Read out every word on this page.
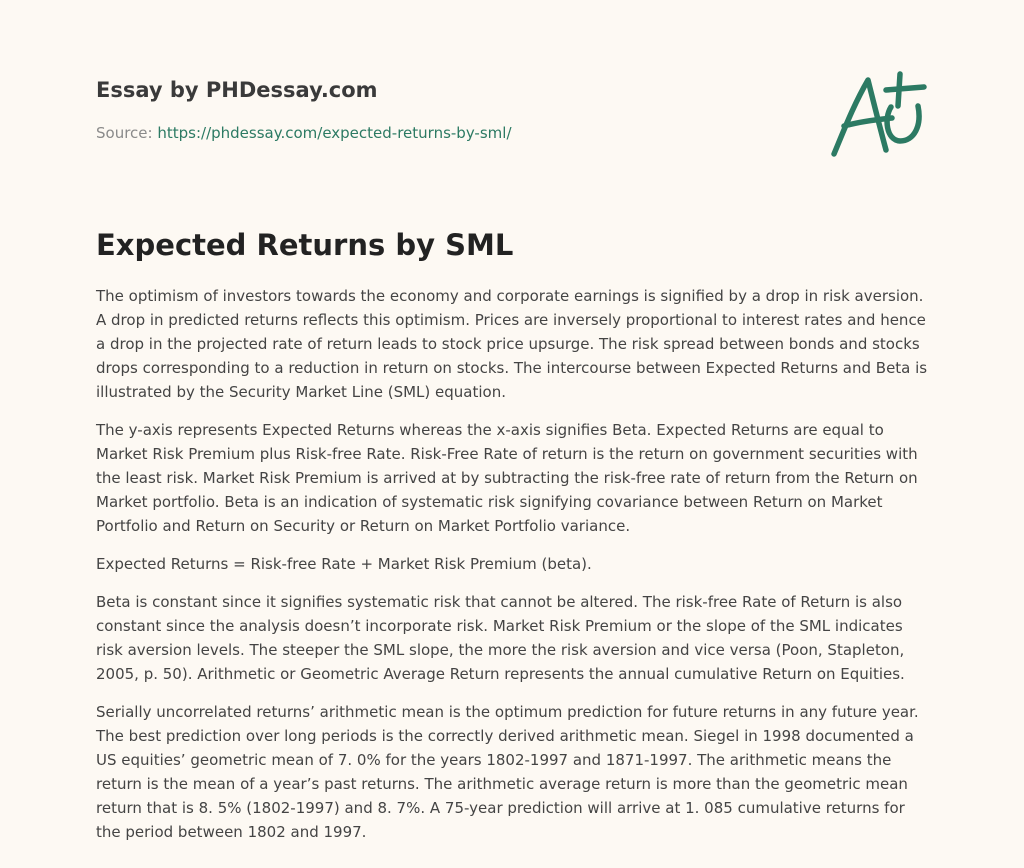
Essay by PHDessay.com
Source: https://phdessay.com/expected-returns-by-sml/
Expected Returns by SML

The optimism of investors towards the economy and corporate earnings is signified by a drop in risk aversion. A drop in predicted returns reflects this optimism. Prices are inversely proportional to interest rates and hence a drop in the projected rate of return leads to stock price upsurge. The risk spread between bonds and stocks drops corresponding to a reduction in return on stocks. The intercourse between Expected Returns and Beta is illustrated by the Security Market Line (SML) equation.

The y-axis represents Expected Returns whereas the x-axis signifies Beta. Expected Returns are equal to Market Risk Premium plus Risk-free Rate. Risk-Free Rate of return is the return on government securities with the least risk. Market Risk Premium is arrived at by subtracting the risk-free rate of return from the Return on Market portfolio. Beta is an indication of systematic risk signifying covariance between Return on Market Portfolio and Return on Security or Return on Market Portfolio variance.

Expected Returns = Risk-free Rate + Market Risk Premium (beta).

Beta is constant since it signifies systematic risk that cannot be altered. The risk-free Rate of Return is also constant since the analysis doesn’t incorporate risk. Market Risk Premium or the slope of the SML indicates risk aversion levels. The steeper the SML slope, the more the risk aversion and vice versa (Poon, Stapleton, 2005, p. 50). Arithmetic or Geometric Average Return represents the annual cumulative Return on Equities.

Serially uncorrelated returns’ arithmetic mean is the optimum prediction for future returns in any future year. The best prediction over long periods is the correctly derived arithmetic mean. Siegel in 1998 documented a US equities’ geometric mean of 7. 0% for the years 1802-1997 and 1871-1997. The arithmetic means the return is the mean of a year’s past returns. The arithmetic average return is more than the geometric mean return that is 8. 5% (1802-1997) and 8. 7%. A 75-year prediction will arrive at 1. 085 cumulative returns for the period between 1802 and 1997.
